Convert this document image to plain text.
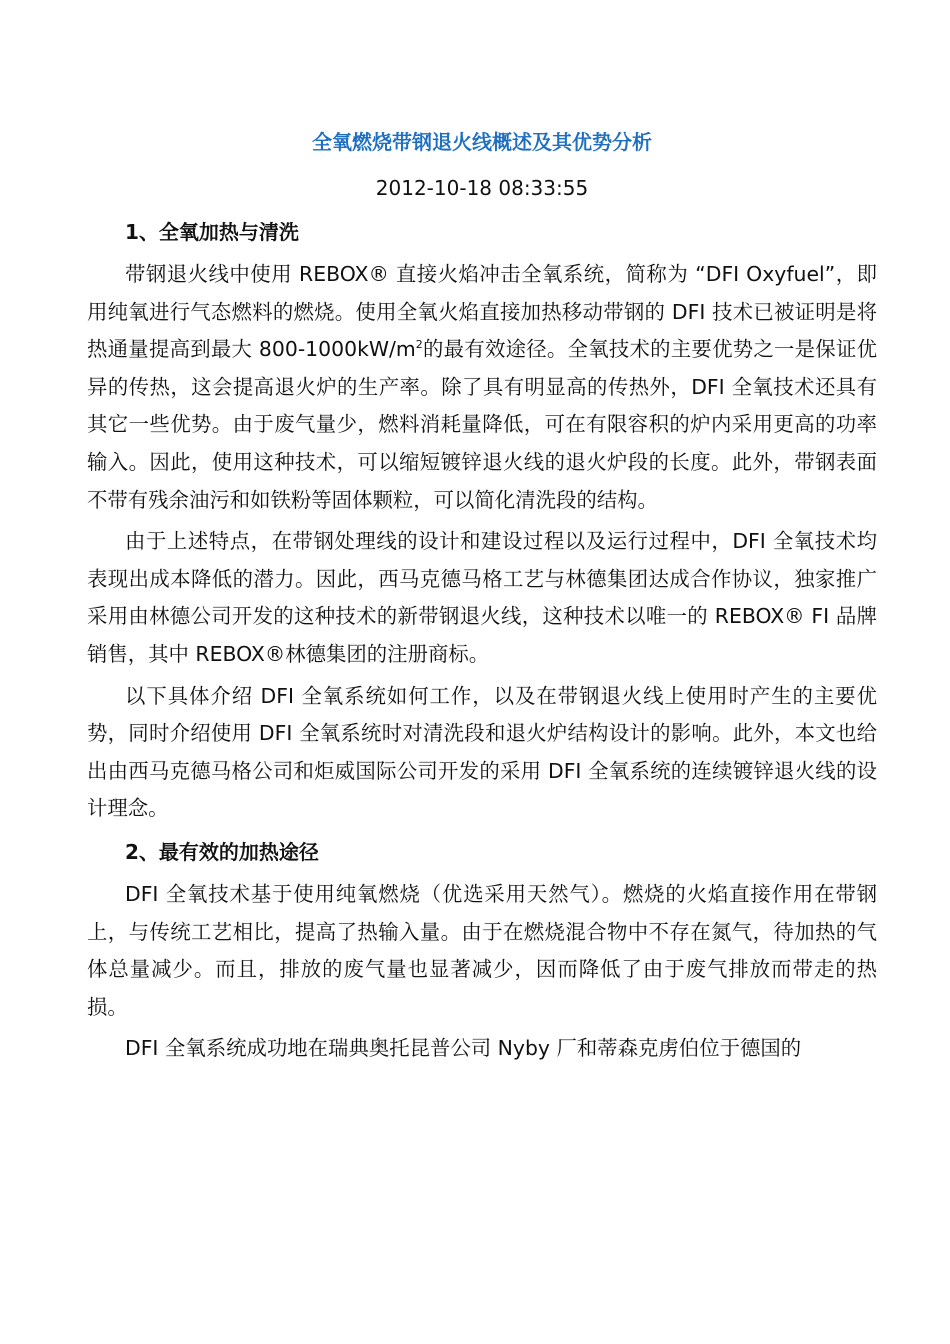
全氧燃烧带钢退火线概述及其优势分析
2012-10-18 08:33:55
1、全氧加热与清洗

带钢退火线中使用 REBOX® 直接火焰冲击全氧系统，简称为 “DFI Oxyfuel”，即用纯氧进行气态燃料的燃烧。使用全氧火焰直接加热移动带钢的 DFI 技术已被证明是将热通量提高到最大 $800-1000kW/m^2$的最有效途径。全氧技术的主要优势之一是保证优异的传热，这会提高退火炉的生产率。除了具有明显高的传热外，DFI 全氧技术还具有其它一些优势。由于废气量少，燃料消耗量降低，可在有限容积的炉内采用更高的功率输入。因此，使用这种技术，可以缩短镀锌退火线的退火炉段的长度。此外，带钢表面不带有残余油污和如铁粉等固体颗粒，可以简化清洗段的结构。

由于上述特点，在带钢处理线的设计和建设过程以及运行过程中，DFI 全氧技术均表现出成本降低的潜力。因此，西马克德马格工艺与林德集团达成合作协议，独家推广采用由林德公司开发的这种技术的新带钢退火线，这种技术以唯一的 REBOX® FI 品牌销售，其中 REBOX®林德集团的注册商标。

以下具体介绍 DFI 全氧系统如何工作，以及在带钢退火线上使用时产生的主要优势，同时介绍使用 DFI 全氧系统时对清洗段和退火炉结构设计的影响。此外，本文也给出由西马克德马格公司和炬威国际公司开发的采用 DFI 全氧系统的连续镀锌退火线的设计理念。

2、最有效的加热途径

DFI 全氧技术基于使用纯氧燃烧（优选采用天然气）。燃烧的火焰直接作用在带钢上，与传统工艺相比，提高了热输入量。由于在燃烧混合物中不存在氮气，待加热的气体总量减少。而且，排放的废气量也显著减少，因而降低了由于废气排放而带走的热损。

DFI 全氧系统成功地在瑞典奥托昆普公司 Nyby 厂和蒂森克虏伯位于德国的
